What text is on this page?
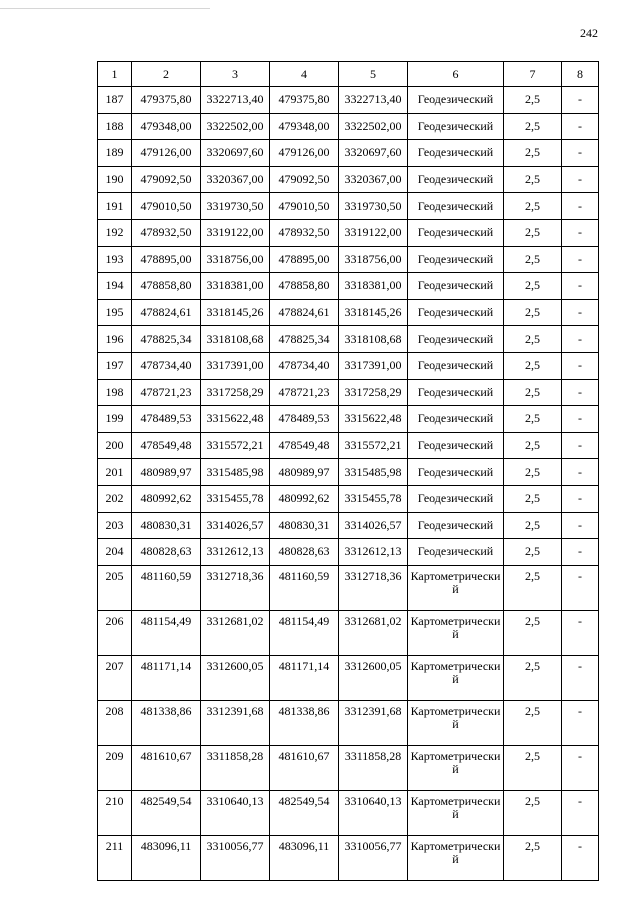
242
1	2	3	4	5	6	7	8
187	479375,80	3322713,40	479375,80	3322713,40	Геодезический	2,5	-
188	479348,00	3322502,00	479348,00	3322502,00	Геодезический	2,5	-
189	479126,00	3320697,60	479126,00	3320697,60	Геодезический	2,5	-
190	479092,50	3320367,00	479092,50	3320367,00	Геодезический	2,5	-
191	479010,50	3319730,50	479010,50	3319730,50	Геодезический	2,5	-
192	478932,50	3319122,00	478932,50	3319122,00	Геодезический	2,5	-
193	478895,00	3318756,00	478895,00	3318756,00	Геодезический	2,5	-
194	478858,80	3318381,00	478858,80	3318381,00	Геодезический	2,5	-
195	478824,61	3318145,26	478824,61	3318145,26	Геодезический	2,5	-
196	478825,34	3318108,68	478825,34	3318108,68	Геодезический	2,5	-
197	478734,40	3317391,00	478734,40	3317391,00	Геодезический	2,5	-
198	478721,23	3317258,29	478721,23	3317258,29	Геодезический	2,5	-
199	478489,53	3315622,48	478489,53	3315622,48	Геодезический	2,5	-
200	478549,48	3315572,21	478549,48	3315572,21	Геодезический	2,5	-
201	480989,97	3315485,98	480989,97	3315485,98	Геодезический	2,5	-
202	480992,62	3315455,78	480992,62	3315455,78	Геодезический	2,5	-
203	480830,31	3314026,57	480830,31	3314026,57	Геодезический	2,5	-
204	480828,63	3312612,13	480828,63	3312612,13	Геодезический	2,5	-
205	481160,59	3312718,36	481160,59	3312718,36	Картометрический	2,5	-
206	481154,49	3312681,02	481154,49	3312681,02	Картометрический	2,5	-
207	481171,14	3312600,05	481171,14	3312600,05	Картометрический	2,5	-
208	481338,86	3312391,68	481338,86	3312391,68	Картометрический	2,5	-
209	481610,67	3311858,28	481610,67	3311858,28	Картометрический	2,5	-
210	482549,54	3310640,13	482549,54	3310640,13	Картометрический	2,5	-
211	483096,11	3310056,77	483096,11	3310056,77	Картометрический	2,5	-
